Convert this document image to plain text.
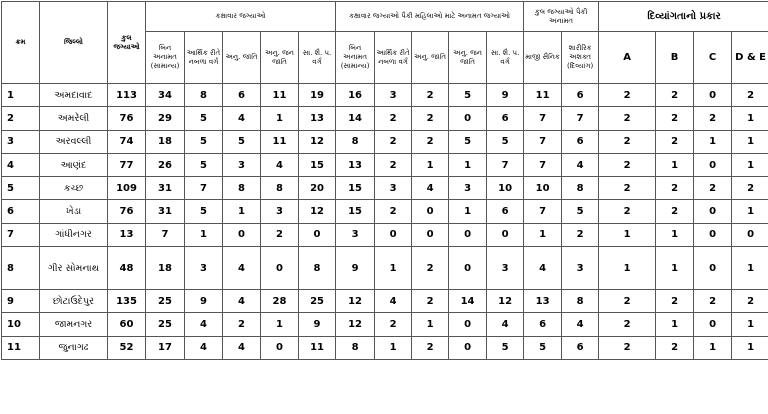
ક્રમ	જિલ્લો	કુલ જગ્યાઓ	કક્ષાવાર જગ્યાઓ					કક્ષાવાર જગ્યાઓ પૈકી મહિલાઓ માટે અનામત જગ્યાઓ					કુલ જગ્યાઓ પૈકી અનામત		દિવ્યાંગતાનો પ્રકાર			
			બિન અનામત (સામાન્ય)	આર્થિક રીતે નબળા વર્ગ	અનુ. જાતિ	અનુ. જન જાતિ	સા. શૈ. પ. વર્ગ	બિન અનામત (સામાન્ય)	આર્થિક રીતે નબળા વર્ગ	અનુ. જાતિ	અનુ. જન જાતિ	સા. શૈ. પ. વર્ગ	માજી સૈનિક	શારીરિક અશક્ત (દિવ્યાંગ)	A	B	C	D & E
1	અમદાવાદ	113	34	8	6	11	19	16	3	2	5	9	11	6	2	2	0	2
2	અમરેલી	76	29	5	4	1	13	14	2	2	0	6	7	7	2	2	2	1
3	અરવલ્લી	74	18	5	5	11	12	8	2	2	5	5	7	6	2	2	1	1
4	આણંદ	77	26	5	3	4	15	13	2	1	1	7	7	4	2	1	0	1
5	કચ્છ	109	31	7	8	8	20	15	3	4	3	10	10	8	2	2	2	2
6	ખેડા	76	31	5	1	3	12	15	2	0	1	6	7	5	2	2	0	1
7	ગાંધીનગર	13	7	1	0	2	0	3	0	0	0	0	1	2	1	1	0	0
8	ગીર સોમનાથ	48	18	3	4	0	8	9	1	2	0	3	4	3	1	1	0	1
9	છોટાઉદેપુર	135	25	9	4	28	25	12	4	2	14	12	13	8	2	2	2	2
10	જામનગર	60	25	4	2	1	9	12	2	1	0	4	6	4	2	1	0	1
11	જુનાગઢ	52	17	4	4	0	11	8	1	2	0	5	5	6	2	2	1	1
